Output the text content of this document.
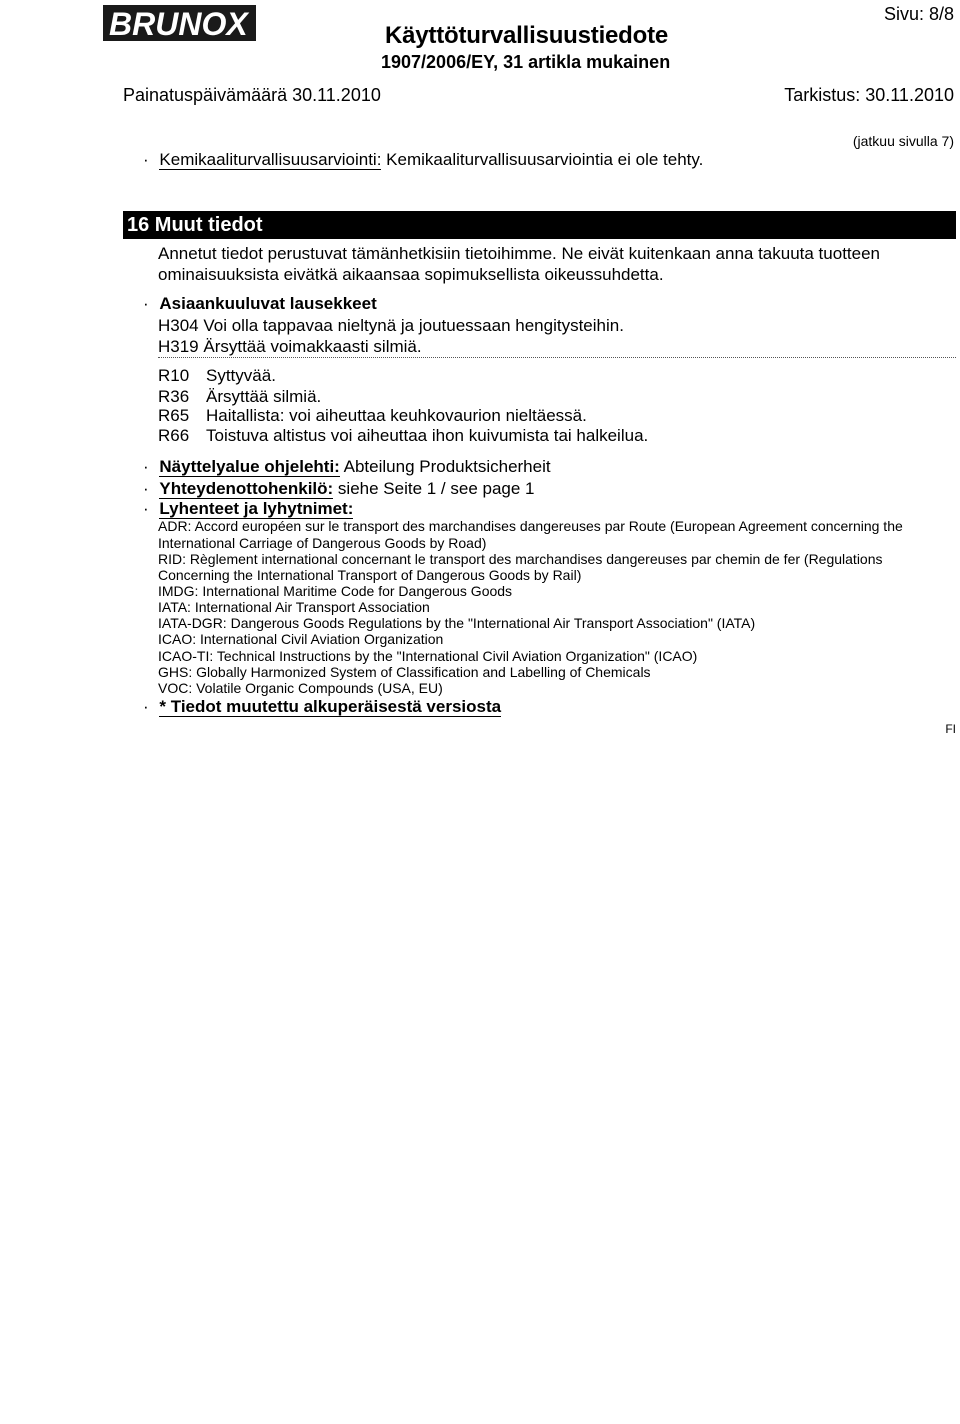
BRUNOX	Käyttöturvallisuustiedote
1907/2006/EY, 31 artikla mukainen
Sivu: 8/8
Painatuspäivämäärä 30.11.2010	Tarkistus: 30.11.2010
(jatkuu sivulla 7)
· Kemikaaliturvallisuusarviointi: Kemikaaliturvallisuusarviointia ei ole tehty.
16 Muut tiedot
Annetut tiedot perustuvat tämänhetkisiin tietoihimme. Ne eivät kuitenkaan anna takuuta tuotteen
ominaisuuksista eivätkä aikaansaa sopimuksellista oikeussuhdetta.
· Asiaankuuluvat lausekkeet
H304 Voi olla tappavaa nieltynä ja joutuessaan hengitysteihin.
H319 Ärsyttää voimakkaasti silmiä.
R10 Syttyvää.
R36 Ärsyttää silmiä.
R65 Haitallista: voi aiheuttaa keuhkovaurion nieltäessä.
R66 Toistuva altistus voi aiheuttaa ihon kuivumista tai halkeilua.
· Näyttelyalue ohjelehti: Abteilung Produktsicherheit
· Yhteydenottohenkilö: siehe Seite 1 / see page 1
· Lyhenteet ja lyhytnimet:
ADR: Accord européen sur le transport des marchandises dangereuses par Route (European Agreement concerning the
International Carriage of Dangerous Goods by Road)
RID: Règlement international concernant le transport des marchandises dangereuses par chemin de fer (Regulations
Concerning the International Transport of Dangerous Goods by Rail)
IMDG: International Maritime Code for Dangerous Goods
IATA: International Air Transport Association
IATA-DGR: Dangerous Goods Regulations by the "International Air Transport Association" (IATA)
ICAO: International Civil Aviation Organization
ICAO-TI: Technical Instructions by the "International Civil Aviation Organization" (ICAO)
GHS: Globally Harmonized System of Classification and Labelling of Chemicals
VOC: Volatile Organic Compounds (USA, EU)
· * Tiedot muutettu alkuperäisestä versiosta
FI
